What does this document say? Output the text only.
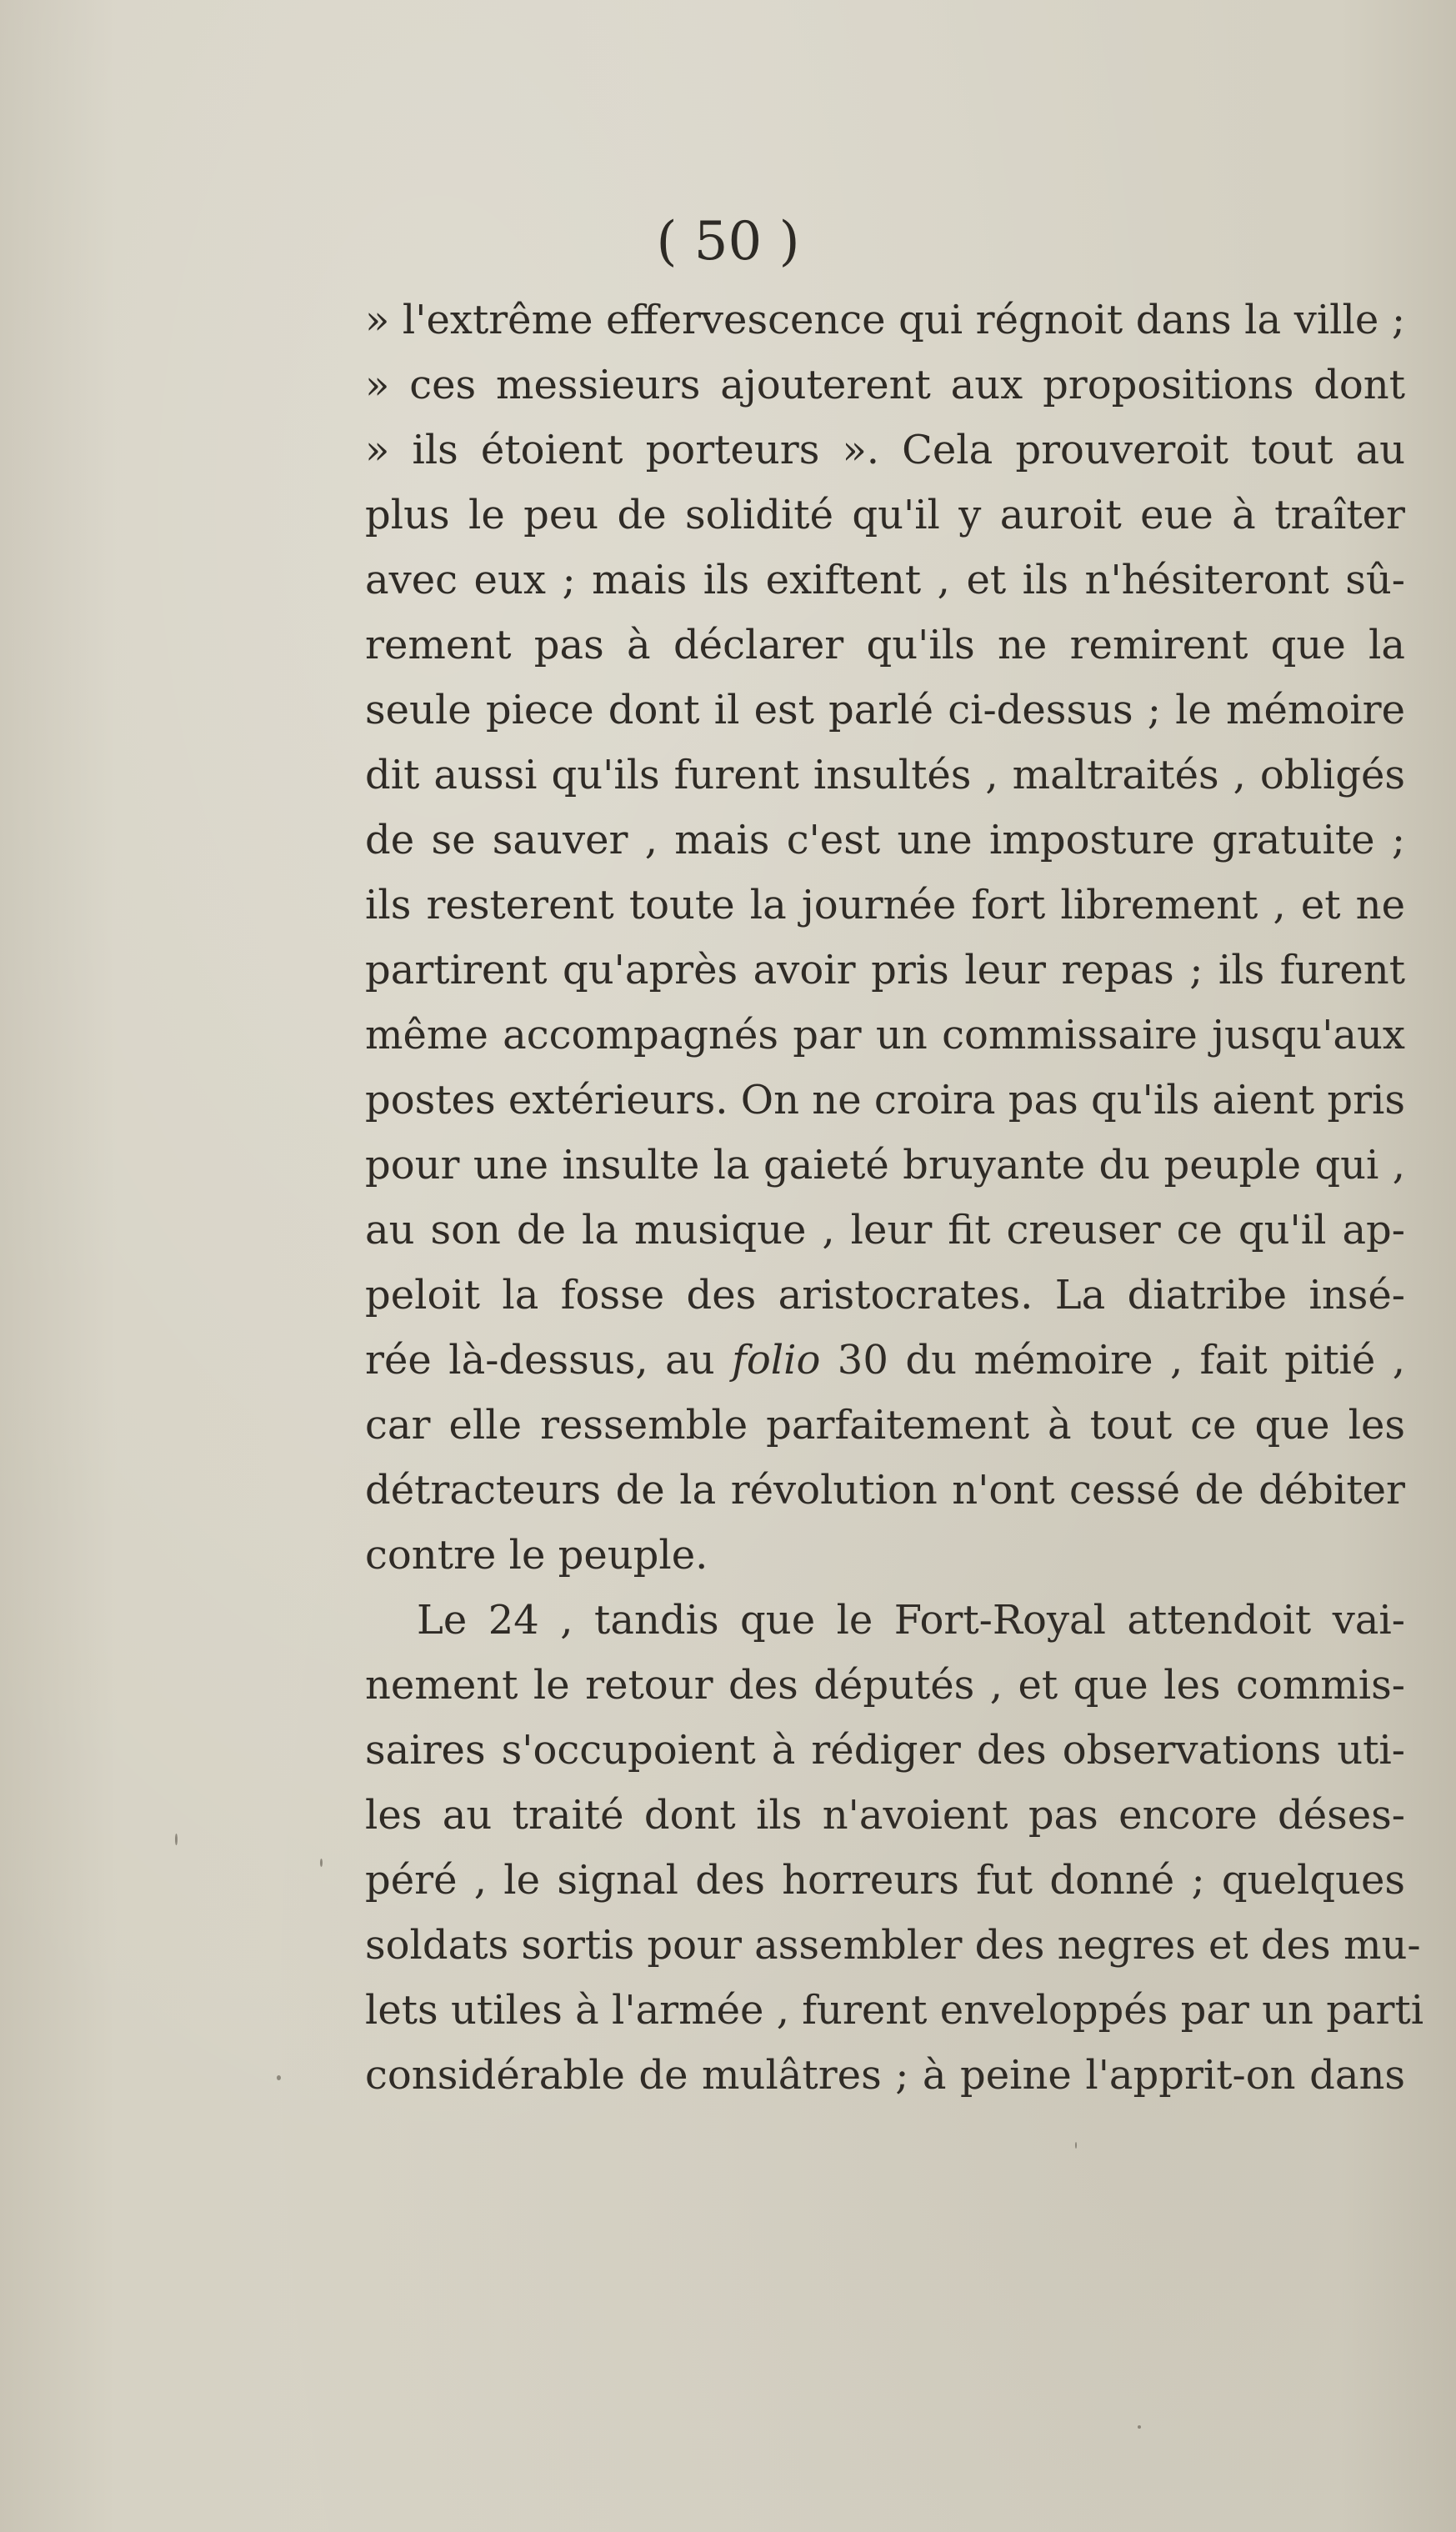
( 50 )
» l'extrême effervescence qui régnoit dans la ville ;
» ces messieurs ajouterent aux propositions dont
» ils étoient porteurs ». Cela prouveroit tout au
plus le peu de solidité qu'il y auroit eue à traîter
avec eux ; mais ils exiftent , et ils n'hésiteront sû-
rement pas à déclarer qu'ils ne remirent que la
seule piece dont il est parlé ci-dessus ; le mémoire
dit aussi qu'ils furent insultés , maltraités , obligés
de se sauver , mais c'est une imposture gratuite ;
ils resterent toute la journée fort librement , et ne
partirent qu'après avoir pris leur repas ; ils furent
même accompagnés par un commissaire jusqu'aux
postes extérieurs. On ne croira pas qu'ils aient pris
pour une insulte la gaieté bruyante du peuple qui ,
au son de la musique , leur fit creuser ce qu'il ap-
peloit la fosse des aristocrates. La diatribe insé-
rée là-dessus, au folio 30 du mémoire , fait pitié ,
car elle ressemble parfaitement à tout ce que les
détracteurs de la révolution n'ont cessé de débiter
contre le peuple.
Le 24 , tandis que le Fort-Royal attendoit vai-
nement le retour des députés , et que les commis-
saires s'occupoient à rédiger des observations uti-
les au traité dont ils n'avoient pas encore déses-
péré , le signal des horreurs fut donné ; quelques
soldats sortis pour assembler des negres et des mu-
lets utiles à l'armée , furent enveloppés par un parti
considérable de mulâtres ; à peine l'apprit-on dans
